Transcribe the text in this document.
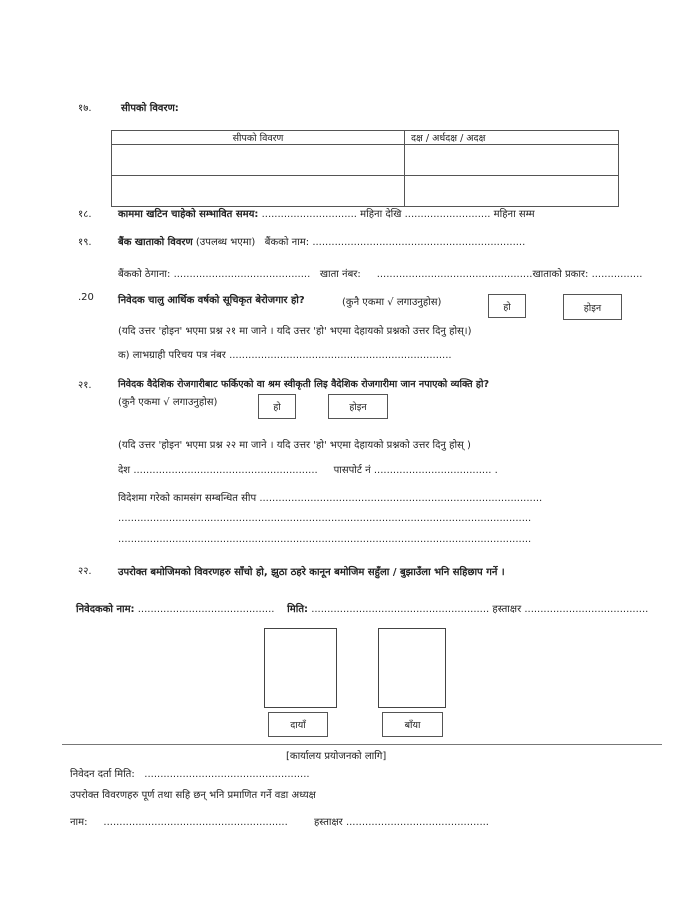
१७.	सीपको विवरण:
सीपको विवरण	दक्ष / अर्धदक्ष / अदक्ष

१८.	काममा खटिन चाहेको सम्भावित समय: .............................. महिना देखि ........................... महिना सम्म
१९.	बैंक खाताको विवरण (उपलब्ध भएमा) बैंकको नाम: ...................................................................
बैंकको ठेगाना: ........................................... खाता नंबर: .................................................खाताको प्रकार: ................
.20 निवेदक चालु आर्थिक वर्षको सूचिकृत बेरोजगार हो?	(कुनै एकमा √ लगाउनुहोस)	हो	होइन
(यदि उत्तर 'होइन' भएमा प्रश्न २१ मा जाने । यदि उत्तर 'हो' भएमा देहायको प्रश्नको उत्तर दिनु होस्।)
क) लाभग्राही परिचय पत्र नंबर ......................................................................
२१.	निवेदक वैदेशिक रोजगारीबाट फर्किएको वा श्रम स्वीकृती लिइ वैदेशिक रोजगारीमा जान नपाएको व्यक्ति हो?
(कुनै एकमा √ लगाउनुहोस)	हो	होइन
(यदि उत्तर 'होइन' भएमा प्रश्न २२ मा जाने । यदि उत्तर 'हो' भएमा देहायको प्रश्नको उत्तर दिनु होस् )
देश .......................................................... पासपोर्ट नं ..................................... .
विदेशमा गरेको कामसंग सम्बन्धित सीप .........................................................................................
..................................................................................................................................
..................................................................................................................................
२२.	उपरोक्त बमोजिमको विवरणहरु साँचो हो, झुठा ठहरे कानून बमोजिम सहुँला / बुझाउँला भनि सहिछाप गर्ने ।
निवेदकको नाम: ........................................... मिति: ........................................................ हस्ताक्षर .......................................
दायाँ	बाँया
[कार्यालय प्रयोजनको लागि]
निवेदन दर्ता मिति: ....................................................
उपरोक्त विवरणहरु पूर्ण तथा सहि छन् भनि प्रमाणित गर्ने वडा अध्यक्ष
नाम: ..........................................................	हस्ताक्षर .............................................
